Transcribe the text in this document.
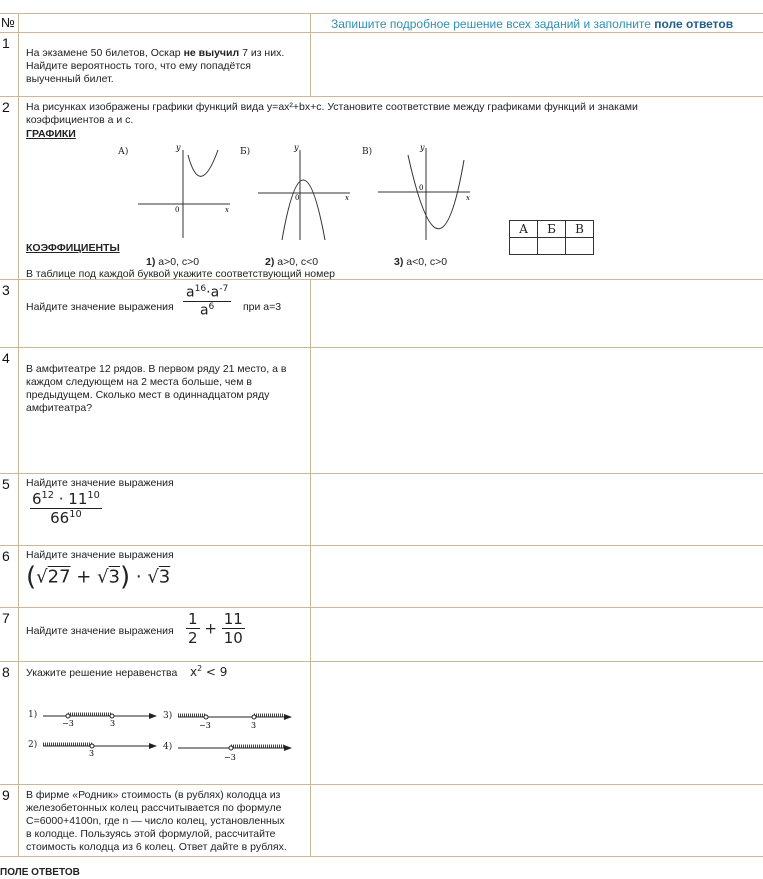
№	Запишите подробное решение всех заданий и заполните поле ответов
1
На экзамене 50 билетов, Оскар не выучил 7 из них.
Найдите вероятность того, что ему попадётся
выученный билет.
2 На рисунках изображены графики функций вида y=ax²+bx+c. Установите соответствие между графиками функций и знаками
коэффициентов a и c.
ГРАФИКИ
А)	Б)	В)
y
x
0
y
x
0
y
x
0
КОЭФФИЦИЕНТЫ
1) a>0, c>0	2) a>0, c<0	3) a<0, c>0
В таблице под каждой буквой укажите соответствующий номер
А	Б	В

3
Найдите значение выражения $\frac{a^{16}\cdot a^{-7}}{a^6}$ при a=3
4
В амфитеатре 12 рядов. В первом ряду 21 место, а в
каждом следующем на 2 места больше, чем в
предыдущем. Сколько мест в одиннадцатом ряду
амфитеатра?
5 Найдите значение выражения
$\frac{6^{12} \cdot 11^{10}}{66^{10}}$
6 Найдите значение выражения
(√27 + √3) · √3
7
Найдите значение выражения $\frac{1}{2} + \frac{11}{10}$
8 Укажите решение неравенства $x^2 < 9$
1)
2)
3)
4)
−3	3
3
−3	3
−3
9 В фирме «Родник» стоимость (в рублях) колодца из
железобетонных колец рассчитывается по формуле
C=6000+4100n, где n — число колец, установленных
в колодце. Пользуясь этой формулой, рассчитайте
стоимость колодца из 6 колец. Ответ дайте в рублях.
ПОЛЕ ОТВЕТОВ
